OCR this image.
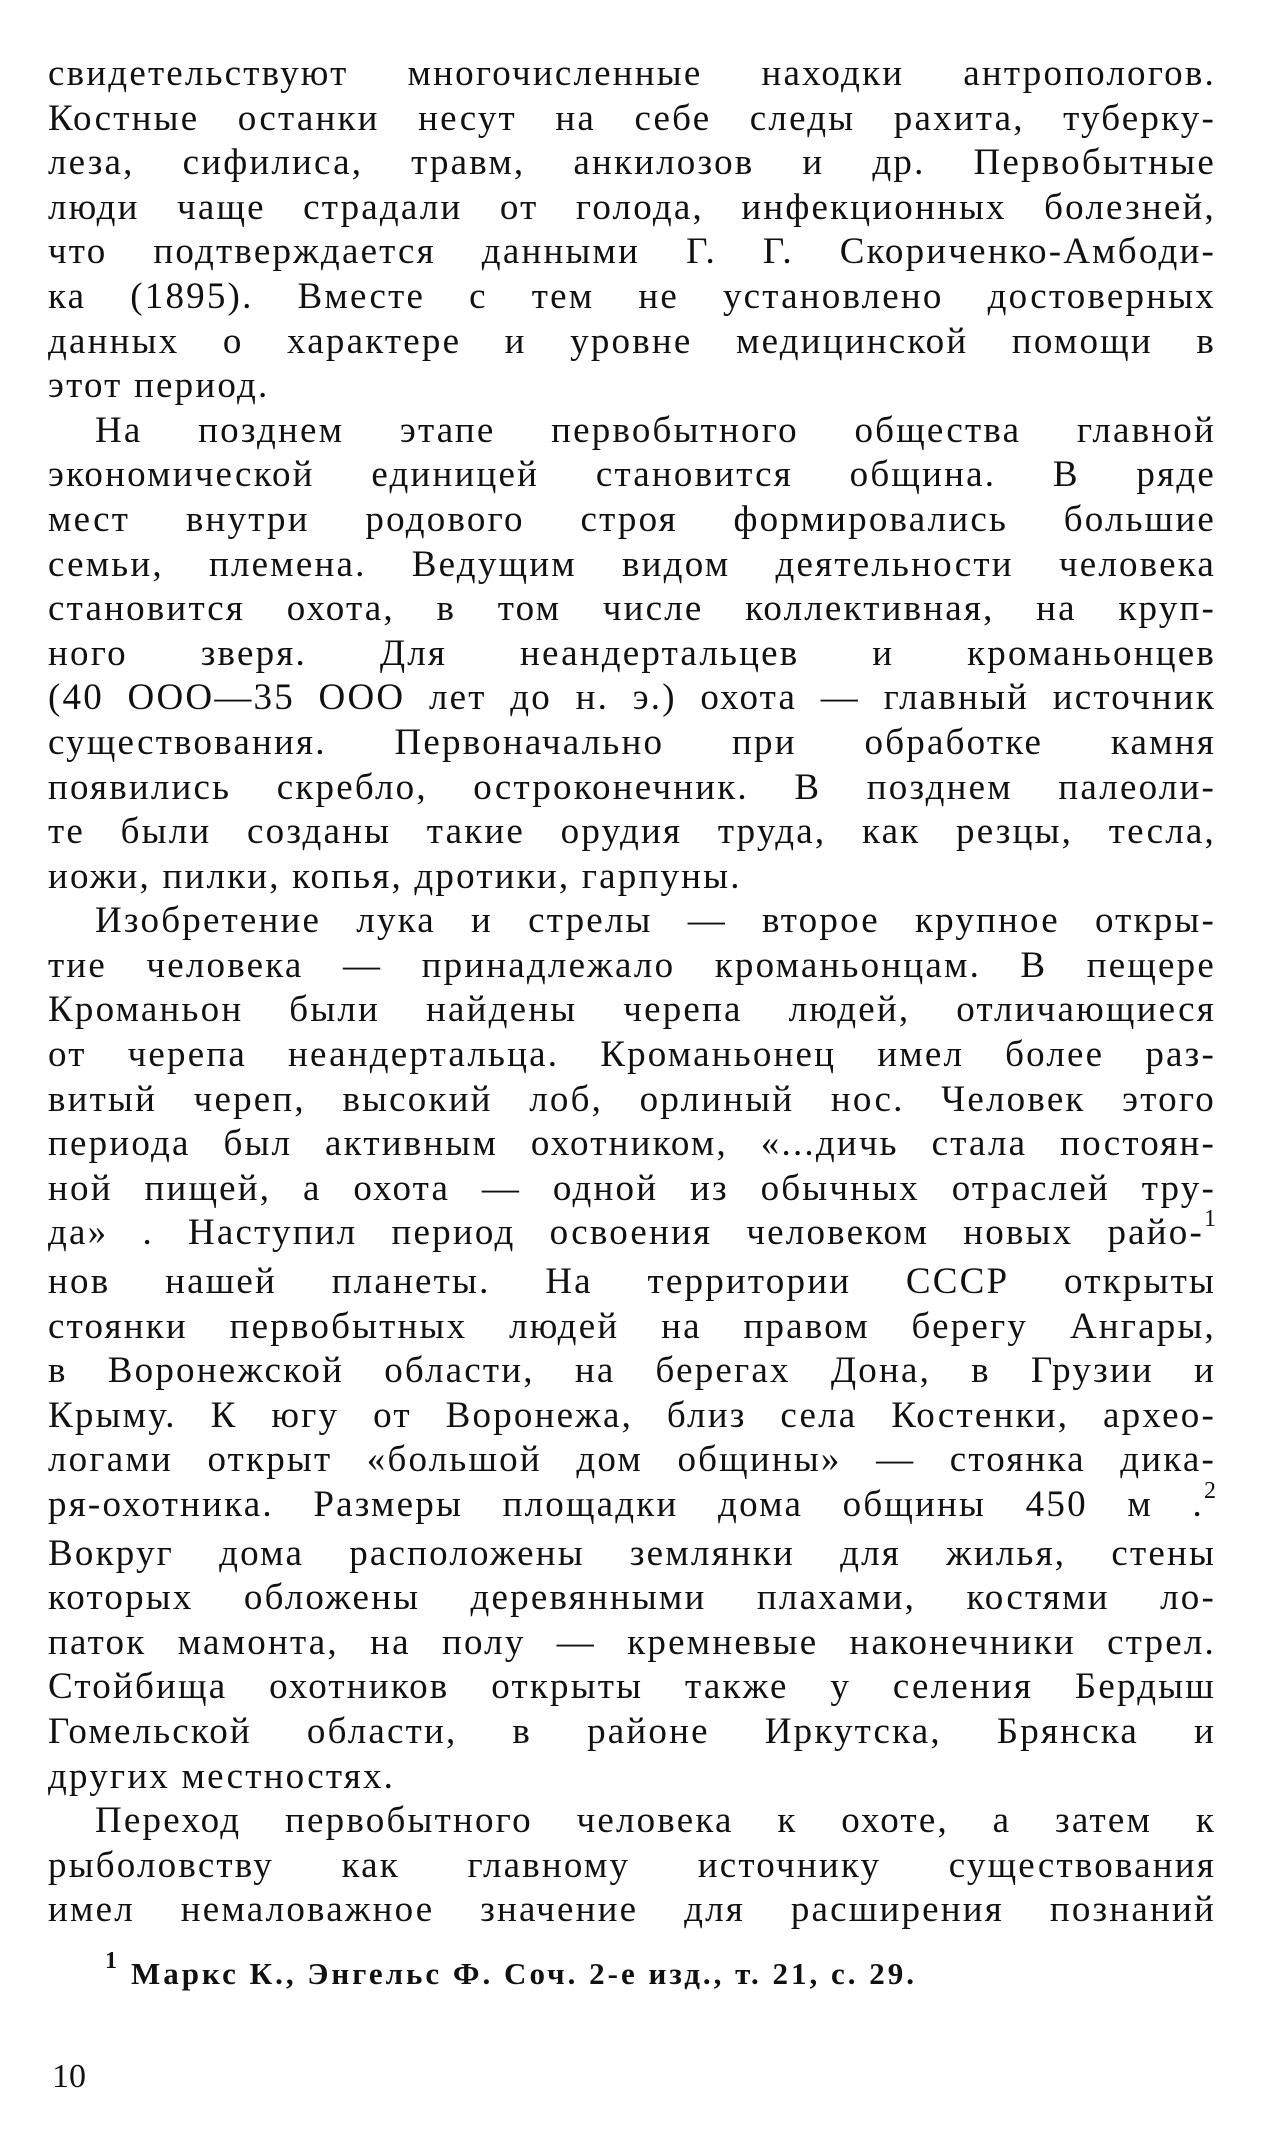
свидетельствуют многочисленные находки антропологов.
Костные останки несут на себе следы рахита, туберку-
леза, сифилиса, травм, анкилозов и др. Первобытные
люди чаще страдали от голода, инфекционных болезней,
что подтверждается данными Г. Г. Скориченко-Амбоди-
ка (1895). Вместе с тем не установлено достоверных
данных о характере и уровне медицинской помощи в
этот период.

На позднем этапе первобытного общества главной
экономической единицей становится община. В ряде
мест внутри родового строя формировались большие
семьи, племена. Ведущим видом деятельности человека
становится охота, в том числе коллективная, на круп-
ного зверя. Для неандертальцев и кроманьонцев
(40 ООО—35 ООО лет до н. э.) охота — главный источник
существования. Первоначально при обработке камня
появились скребло, остроконечник. В позднем палеоли-
те были созданы такие орудия труда, как резцы, тесла,
иожи, пилки, копья, дротики, гарпуны.

Изобретение лука и стрелы — второе крупное откры-
тие человека — принадлежало кроманьонцам. В пещере
Кроманьон были найдены черепа людей, отличающиеся
от черепа неандертальца. Кроманьонец имел более раз-
витый череп, высокий лоб, орлиный нос. Человек этого
периода был активным охотником, «...дичь стала постоян-
ной пищей, а охота — одной из обычных отраслей тру-
да» . Наступил период освоения человеком новых райо-$^1$
нов нашей планеты. На территории СССР открыты
стоянки первобытных людей на правом берегу Ангары,
в Воронежской области, на берегах Дона, в Грузии и
Крыму. К югу от Воронежа, близ села Костенки, архео-
логами открыт «большой дом общины» — стоянка дика-
ря-охотника. Размеры площадки дома общины 450 м .$^2$
Вокруг дома расположены землянки для жилья, стены
которых обложены деревянными плахами, костями ло-
паток мамонта, на полу — кремневые наконечники стрел.
Стойбища охотников открыты также у селения Бердыш
Гомельской области, в районе Иркутска, Брянска и
других местностях.

Переход первобытного человека к охоте, а затем к
рыболовству как главному источнику существования
имел немаловажное значение для расширения познаний

$^1$ Маркс К., Энгельс Ф. Соч. 2-е изд., т. 21, с. 29.
10
